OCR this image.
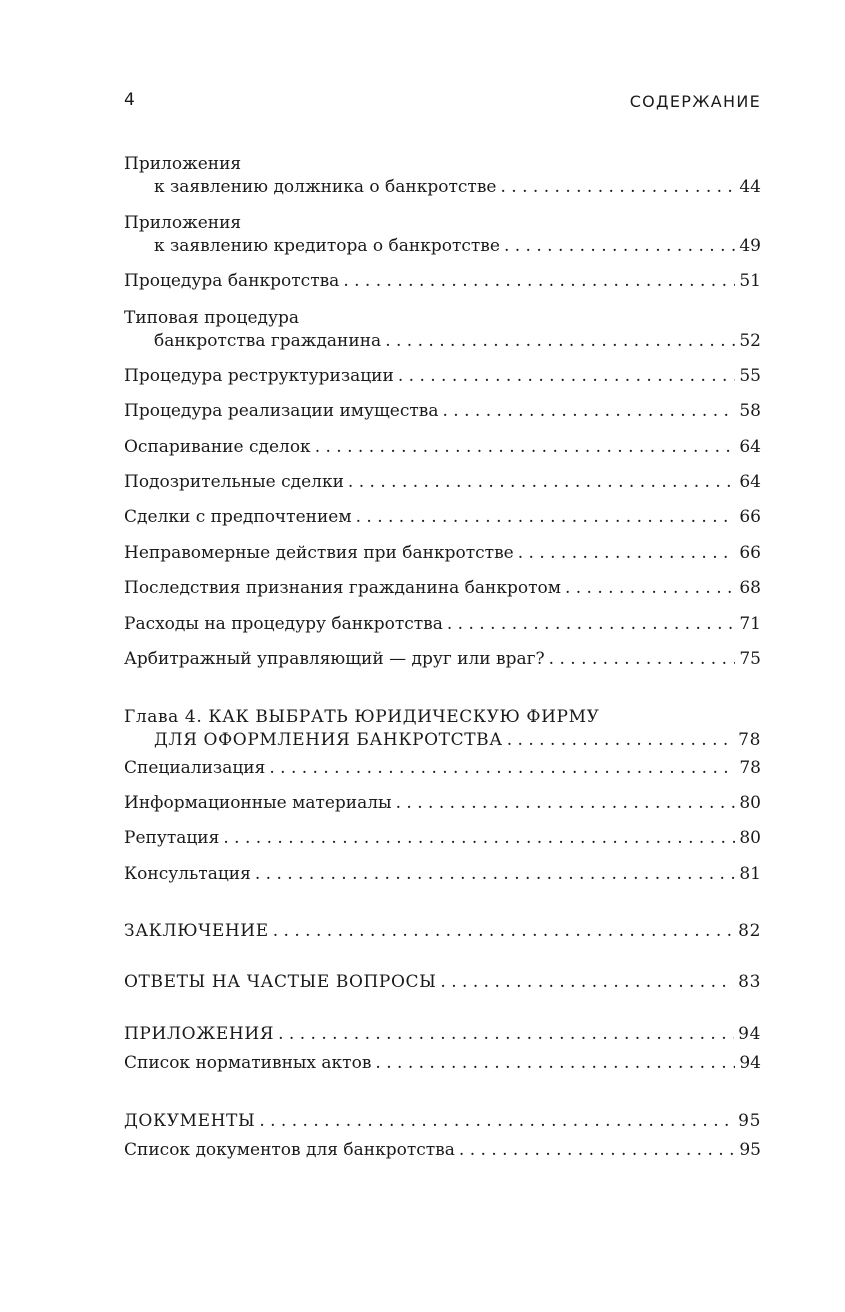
4	СОДЕРЖАНИЕ
Приложения
к заявлению должника о банкротстве . . .	44
Приложения
к заявлению кредитора о банкротстве . . .	49
Процедура банкротства . . .	51
Типовая процедура
банкротства гражданина . . .	52
Процедура реструктуризации . . .	55
Процедура реализации имущества . . .	58
Оспаривание сделок . . .	64
Подозрительные сделки . . .	64
Сделки с предпочтением . . .	66
Неправомерные действия при банкротстве . . .	66
Последствия признания гражданина банкротом . . .	68
Расходы на процедуру банкротства . . .	71
Арбитражный управляющий — друг или враг? . . .	75
Глава 4. КАК ВЫБРАТЬ ЮРИДИЧЕСКУЮ ФИРМУ
ДЛЯ ОФОРМЛЕНИЯ БАНКРОТСТВА . . .	78
Специализация . . .	78
Информационные материалы . . .	80
Репутация . . .	80
Консультация . . .	81
ЗАКЛЮЧЕНИЕ . . .	82
ОТВЕТЫ НА ЧАСТЫЕ ВОПРОСЫ . . .	83
ПРИЛОЖЕНИЯ . . .	94
Список нормативных актов . . .	94
ДОКУМЕНТЫ . . .	95
Список документов для банкротства . . .	95
